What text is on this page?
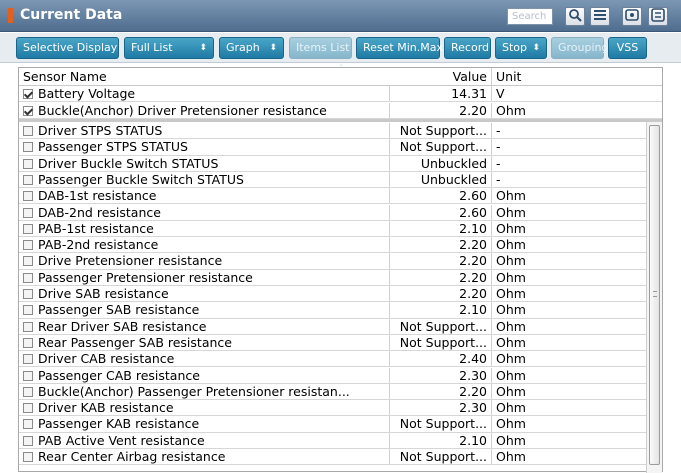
Current Data	Search
Selective Display	Full List	⬍	Graph ⬍	Items List	Reset Min.Max Record	Stop ⬍	Grouping VSS
Sensor Name	Value Unit
Battery Voltage	14.31 V
Buckle(Anchor) Driver Pretensioner resistance	2.20 Ohm
Driver STPS STATUS	Not Support... -
Passenger STPS STATUS	Not Support... -
Driver Buckle Switch STATUS	Unbuckled -
Passenger Buckle Switch STATUS	Unbuckled -
DAB-1st resistance	2.60 Ohm
DAB-2nd resistance	2.60 Ohm
PAB-1st resistance	2.10 Ohm
PAB-2nd resistance	2.20 Ohm
Drive Pretensioner resistance	2.20 Ohm
Passenger Pretensioner resistance	2.20 Ohm
Drive SAB resistance	2.20 Ohm
Passenger SAB resistance	2.10 Ohm
Rear Driver SAB resistance	Not Support... Ohm
Rear Passenger SAB resistance	Not Support... Ohm
Driver CAB resistance	2.40 Ohm
Passenger CAB resistance	2.30 Ohm
Buckle(Anchor) Passenger Pretensioner resistan...	2.20 Ohm
Driver KAB resistance	2.30 Ohm
Passenger KAB resistance	Not Support... Ohm
PAB Active Vent resistance	2.10 Ohm
Rear Center Airbag resistance	Not Support... Ohm
